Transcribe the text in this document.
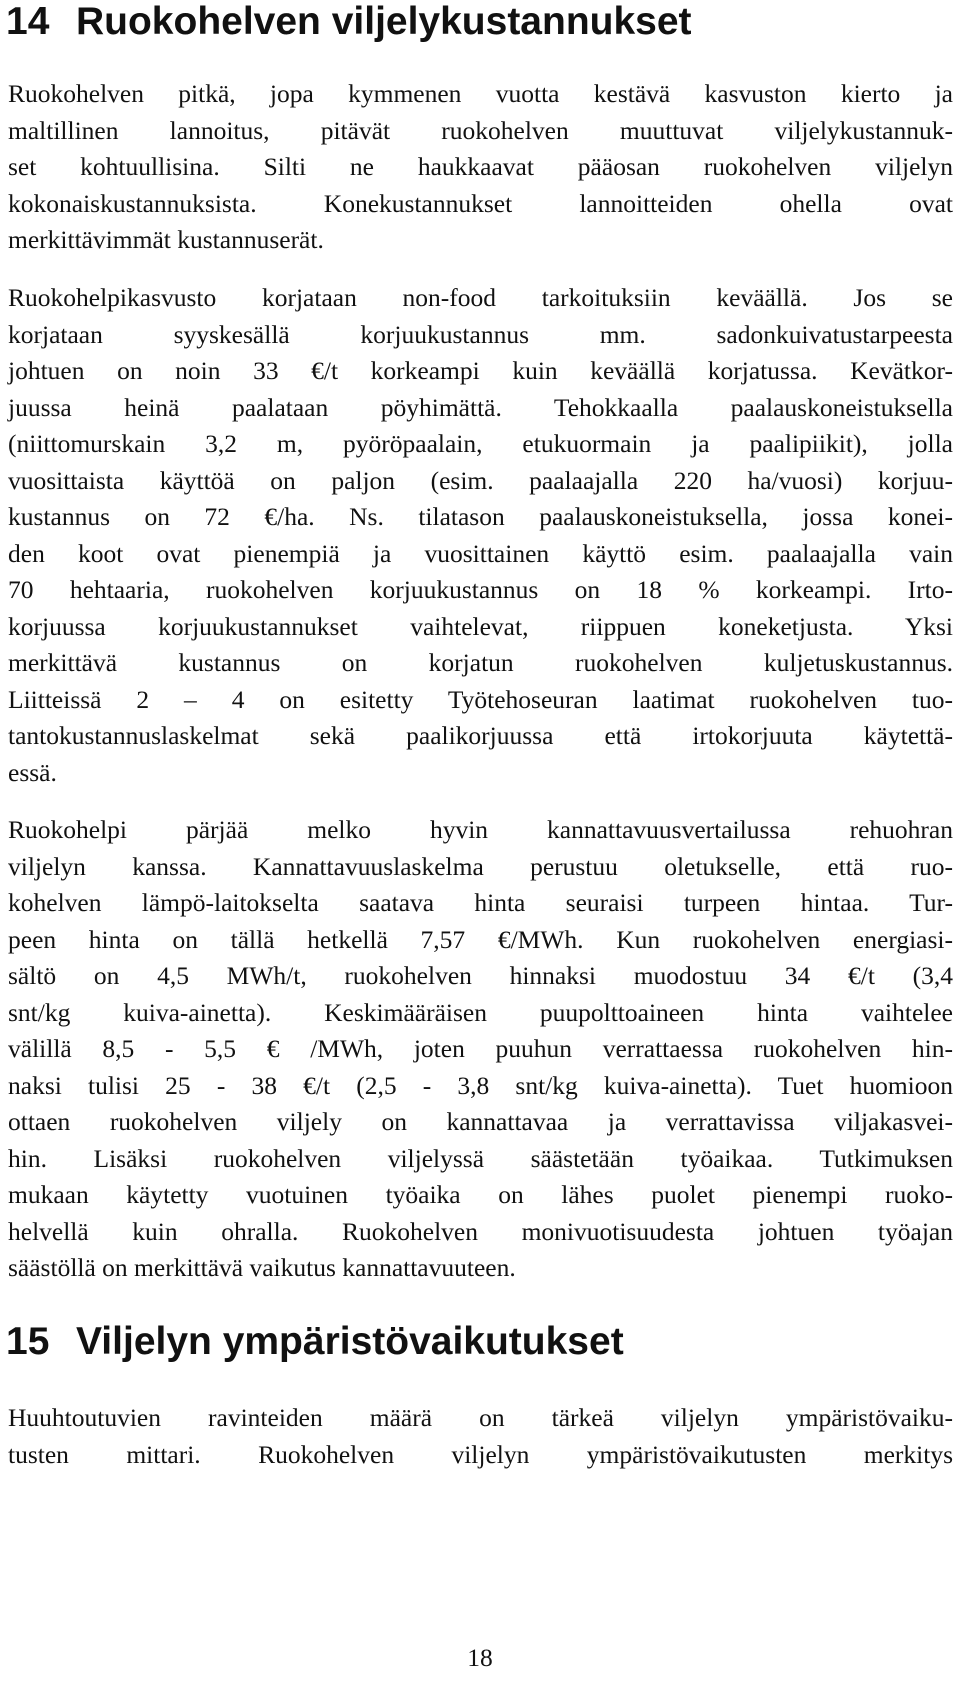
14 Ruokohelven viljelykustannukset
Ruokohelven pitkä, jopa kymmenen vuotta kestävä kasvuston kierto ja
maltillinen lannoitus, pitävät ruokohelven muuttuvat viljelykustannuk-
set kohtuullisina. Silti ne haukkaavat pääosan ruokohelven viljelyn
kokonaiskustannuksista. Konekustannukset lannoitteiden ohella ovat
merkittävimmät kustannuserät.
Ruokohelpikasvusto korjataan non-food tarkoituksiin keväällä. Jos se
korjataan syyskesällä korjuukustannus mm. sadonkuivatustarpeesta
johtuen on noin 33 €/t korkeampi kuin keväällä korjatussa. Kevätkor-
juussa heinä paalataan pöyhimättä. Tehokkaalla paalauskoneistuksella
(niittomurskain 3,2 m, pyöröpaalain, etukuormain ja paalipiikit), jolla
vuosittaista käyttöä on paljon (esim. paalaajalla 220 ha/vuosi) korjuu-
kustannus on 72 €/ha. Ns. tilatason paalauskoneistuksella, jossa konei-
den koot ovat pienempiä ja vuosittainen käyttö esim. paalaajalla vain
70 hehtaaria, ruokohelven korjuukustannus on 18 % korkeampi. Irto-
korjuussa korjuukustannukset vaihtelevat, riippuen koneketjusta. Yksi
merkittävä kustannus on korjatun ruokohelven kuljetuskustannus.
Liitteissä 2 – 4 on esitetty Työtehoseuran laatimat ruokohelven tuo-
tantokustannuslaskelmat sekä paalikorjuussa että irtokorjuuta käytettä-
essä.
Ruokohelpi pärjää melko hyvin kannattavuusvertailussa rehuohran
viljelyn kanssa. Kannattavuuslaskelma perustuu oletukselle, että ruo-
kohelven lämpö-laitokselta saatava hinta seuraisi turpeen hintaa. Tur-
peen hinta on tällä hetkellä 7,57 €/MWh. Kun ruokohelven energiasi-
sältö on 4,5 MWh/t, ruokohelven hinnaksi muodostuu 34 €/t (3,4
snt/kg kuiva-ainetta). Keskimääräisen puupolttoaineen hinta vaihtelee
välillä 8,5 - 5,5 € /MWh, joten puuhun verrattaessa ruokohelven hin-
naksi tulisi 25 - 38 €/t (2,5 - 3,8 snt/kg kuiva-ainetta). Tuet huomioon
ottaen ruokohelven viljely on kannattavaa ja verrattavissa viljakasvei-
hin. Lisäksi ruokohelven viljelyssä säästetään työaikaa. Tutkimuksen
mukaan käytetty vuotuinen työaika on lähes puolet pienempi ruoko-
helvellä kuin ohralla. Ruokohelven monivuotisuudesta johtuen työajan
säästöllä on merkittävä vaikutus kannattavuuteen.
15 Viljelyn ympäristövaikutukset
Huuhtoutuvien ravinteiden määrä on tärkeä viljelyn ympäristövaiku-
tusten mittari. Ruokohelven viljelyn ympäristövaikutusten merkitys
18
